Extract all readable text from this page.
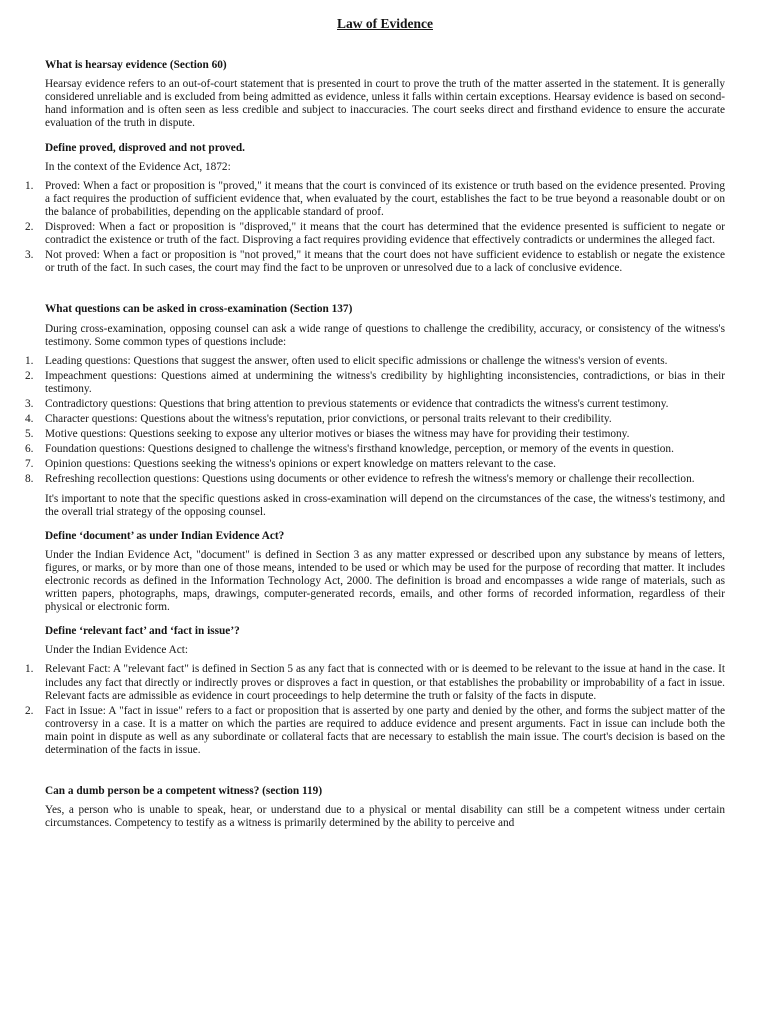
Law of Evidence
What is hearsay evidence (Section 60)

Hearsay evidence refers to an out-of-court statement that is presented in court to prove the truth of the matter asserted in the statement. It is generally considered unreliable and is excluded from being admitted as evidence, unless it falls within certain exceptions. Hearsay evidence is based on second-hand information and is often seen as less credible and subject to inaccuracies. The court seeks direct and firsthand evidence to ensure the accurate evaluation of the truth in dispute.

Define proved, disproved and not proved.

In the context of the Evidence Act, 1872:

1.	Proved: When a fact or proposition is "proved," it means that the court is convinced of its existence or truth based on the evidence presented. Proving a fact requires the production of sufficient evidence that, when evaluated by the court, establishes the fact to be true beyond a reasonable doubt or on the balance of probabilities, depending on the applicable standard of proof.
2.	Disproved: When a fact or proposition is "disproved," it means that the court has determined that the evidence presented is sufficient to negate or contradict the existence or truth of the fact. Disproving a fact requires providing evidence that effectively contradicts or undermines the alleged fact.
3.	Not proved: When a fact or proposition is "not proved," it means that the court does not have sufficient evidence to establish or negate the existence or truth of the fact. In such cases, the court may find the fact to be unproven or unresolved due to a lack of conclusive evidence.
What questions can be asked in cross-examination (Section 137)

During cross-examination, opposing counsel can ask a wide range of questions to challenge the credibility, accuracy, or consistency of the witness's testimony. Some common types of questions include:

1.	Leading questions: Questions that suggest the answer, often used to elicit specific admissions or challenge the witness's version of events.
2.	Impeachment questions: Questions aimed at undermining the witness's credibility by highlighting inconsistencies, contradictions, or bias in their testimony.
3.	Contradictory questions: Questions that bring attention to previous statements or evidence that contradicts the witness's current testimony.
4.	Character questions: Questions about the witness's reputation, prior convictions, or personal traits relevant to their credibility.
5.	Motive questions: Questions seeking to expose any ulterior motives or biases the witness may have for providing their testimony.
6.	Foundation questions: Questions designed to challenge the witness's firsthand knowledge, perception, or memory of the events in question.
7.	Opinion questions: Questions seeking the witness's opinions or expert knowledge on matters relevant to the case.
8.	Refreshing recollection questions: Questions using documents or other evidence to refresh the witness's memory or challenge their recollection.

It's important to note that the specific questions asked in cross-examination will depend on the circumstances of the case, the witness's testimony, and the overall trial strategy of the opposing counsel.

Define ‘document’ as under Indian Evidence Act?

Under the Indian Evidence Act, "document" is defined in Section 3 as any matter expressed or described upon any substance by means of letters, figures, or marks, or by more than one of those means, intended to be used or which may be used for the purpose of recording that matter. It includes electronic records as defined in the Information Technology Act, 2000. The definition is broad and encompasses a wide range of materials, such as written papers, photographs, maps, drawings, computer-generated records, emails, and other forms of recorded information, regardless of their physical or electronic form.

Define ‘relevant fact’ and ‘fact in issue’?

Under the Indian Evidence Act:

1.	Relevant Fact: A "relevant fact" is defined in Section 5 as any fact that is connected with or is deemed to be relevant to the issue at hand in the case. It includes any fact that directly or indirectly proves or disproves a fact in question, or that establishes the probability or improbability of a fact in issue. Relevant facts are admissible as evidence in court proceedings to help determine the truth or falsity of the facts in dispute.
2.	Fact in Issue: A "fact in issue" refers to a fact or proposition that is asserted by one party and denied by the other, and forms the subject matter of the controversy in a case. It is a matter on which the parties are required to adduce evidence and present arguments. Fact in issue can include both the main point in dispute as well as any subordinate or collateral facts that are necessary to establish the main issue. The court's decision is based on the determination of the facts in issue.
Can a dumb person be a competent witness? (section 119)

Yes, a person who is unable to speak, hear, or understand due to a physical or mental disability can still be a competent witness under certain circumstances. Competency to testify as a witness is primarily determined by the ability to perceive and
